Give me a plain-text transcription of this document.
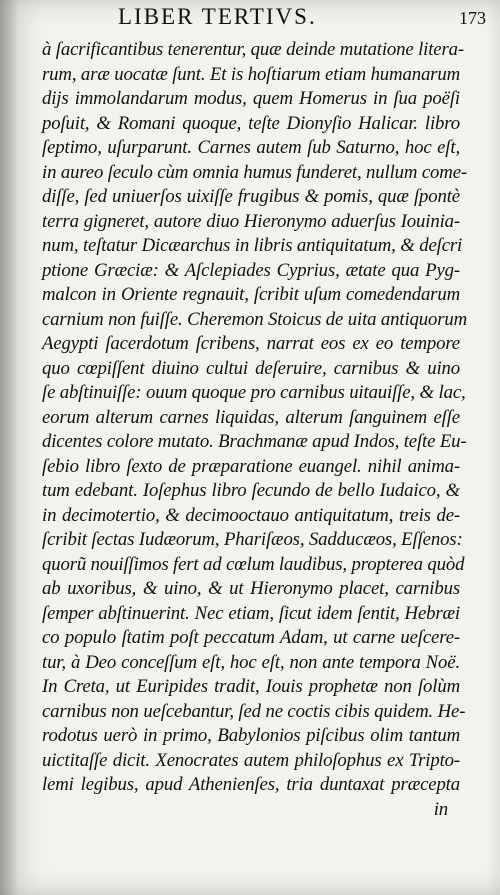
LIBER TERTIVS.	173
à ſacrificantibus tenerentur, quæ deinde mutatione litera-
rum, aræ uocatæ ſunt. Et is hoſtiarum etiam humanarum
dijs immolandarum modus, quem Homerus in ſua poëſi
poſuit, & Romani quoque, teſte Dionyſio Halicar. libro
ſeptimo, uſurparunt. Carnes autem ſub Saturno, hoc eſt,
in aureo ſeculo cùm omnia humus funderet, nullum come-
diſſe, ſed uniuerſos uixiſſe frugibus & pomis, quæ ſpontè
terra gigneret, autore diuo Hieronymo aduerſus Iouinia-
num, teſtatur Dicæarchus in libris antiquitatum, & deſcri
ptione Græciæ: & Aſclepiades Cyprius, ætate qua Pyg-
malcon in Oriente regnauit, ſcribit uſum comedendarum
carnium non fuiſſe. Cheremon Stoicus de uita antiquorum
Aegypti ſacerdotum ſcribens, narrat eos ex eo tempore
quo cœpiſſent diuino cultui deſeruire, carnibus & uino
ſe abſtinuiſſe: ouum quoque pro carnibus uitauiſſe, & lac,
eorum alterum carnes liquidas, alterum ſanguinem eſſe
dicentes colore mutato. Brachmanæ apud Indos, teſte Eu-
ſebio libro ſexto de præparatione euangel. nihil anima-
tum edebant. Ioſephus libro ſecundo de bello Iudaico, &
in decimotertio, & decimooctauo antiquitatum, treis de-
ſcribit ſectas Iudæorum, Phariſæos, Sadducæos, Eſſenos:
quorũ nouiſſimos fert ad cœlum laudibus, propterea quòd
ab uxoribus, & uino, & ut Hieronymo placet, carnibus
ſemper abſtinuerint. Nec etiam, ſicut idem ſentit, Hebræi
co populo ſtatim poſt peccatum Adam, ut carne ueſcere-
tur, à Deo conceſſum eſt, hoc eſt, non ante tempora Noë.
In Creta, ut Euripides tradit, Iouis prophetæ non ſolùm
carnibus non ueſcebantur, ſed ne coctis cibis quidem. He-
rodotus uerò in primo, Babylonios piſcibus olim tantum
uictitaſſe dicit. Xenocrates autem philoſophus ex Tripto-
lemi legibus, apud Athenienſes, tria duntaxat præcepta
in
